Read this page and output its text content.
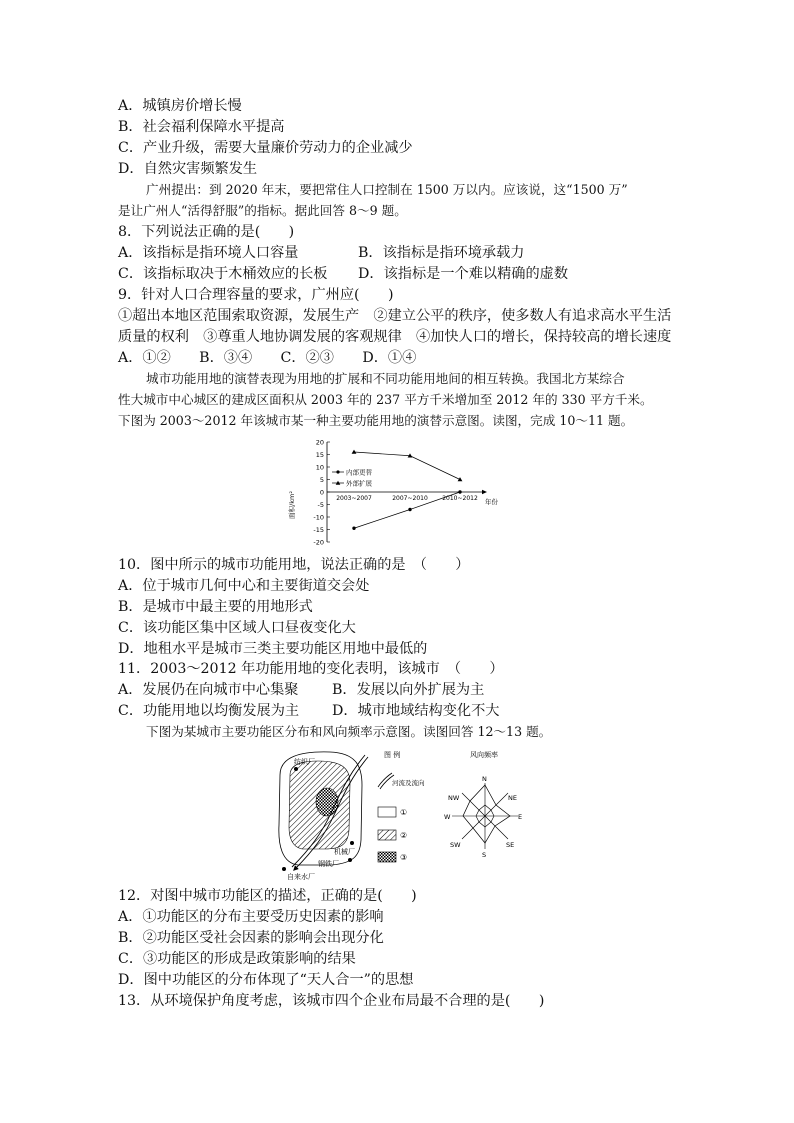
A．城镇房价增长慢
B．社会福利保障水平提高
C．产业升级，需要大量廉价劳动力的企业减少
D．自然灾害频繁发生
广州提出：到 2020 年末，要把常住人口控制在 1500 万以内。应该说，这“1500 万”
是让广州人“活得舒服”的指标。据此回答 8～9 题。
8．下列说法正确的是(　　)
A．该指标是指环境人口容量	B．该指标是指环境承载力
C．该指标取决于木桶效应的长板 D．该指标是一个难以精确的虚数
9．针对人口合理容量的要求，广州应(　　)
①超出本地区范围索取资源，发展生产　②建立公平的秩序，使多数人有追求高水平生活
质量的权利　③尊重人地协调发展的客观规律　④加快人口的增长，保持较高的增长速度
A．①②　　B．③④　　C．②③　　D．①④
城市功能用地的演替表现为用地的扩展和不同功能用地间的相互转换。我国北方某综合
性大城市中心城区的建成区面积从 2003 年的 237 平方千米增加至 2012 年的 330 平方千米。
下图为 2003～2012 年该城市某一种主要功能用地的演替示意图。读图，完成 10～11 题。
面积/km²
20
15
10
5
0
-5
-10
-15
-20
2003~2007	2007~2010 2010~2012 年份
内部更替
外部扩展
10．图中所示的城市功能用地，说法正确的是　（　　）
A．位于城市几何中心和主要街道交会处
B．是城市中最主要的用地形式
C．该功能区集中区域人口昼夜变化大
D．地租水平是城市三类主要功能区用地中最低的
11．2003～2012 年功能用地的变化表明，该城市　（　　）
A．发展仍在向城市中心集聚 B．发展以向外扩展为主
C．功能用地以均衡发展为主 D．城市地域结构变化不大
下图为某城市主要功能区分布和风向频率示意图。读图回答 12～13 题。
纺织厂
机械厂
钢铁厂
自来水厂
图 例
河流及流向
①
②
③
风向频率
N
NE
E
SE
S
SW
W
NW
12．对图中城市功能区的描述，正确的是(　　)
A．①功能区的分布主要受历史因素的影响
B．②功能区受社会因素的影响会出现分化
C．③功能区的形成是政策影响的结果
D．图中功能区的分布体现了“天人合一”的思想
13．从环境保护角度考虑，该城市四个企业布局最不合理的是(　　)
